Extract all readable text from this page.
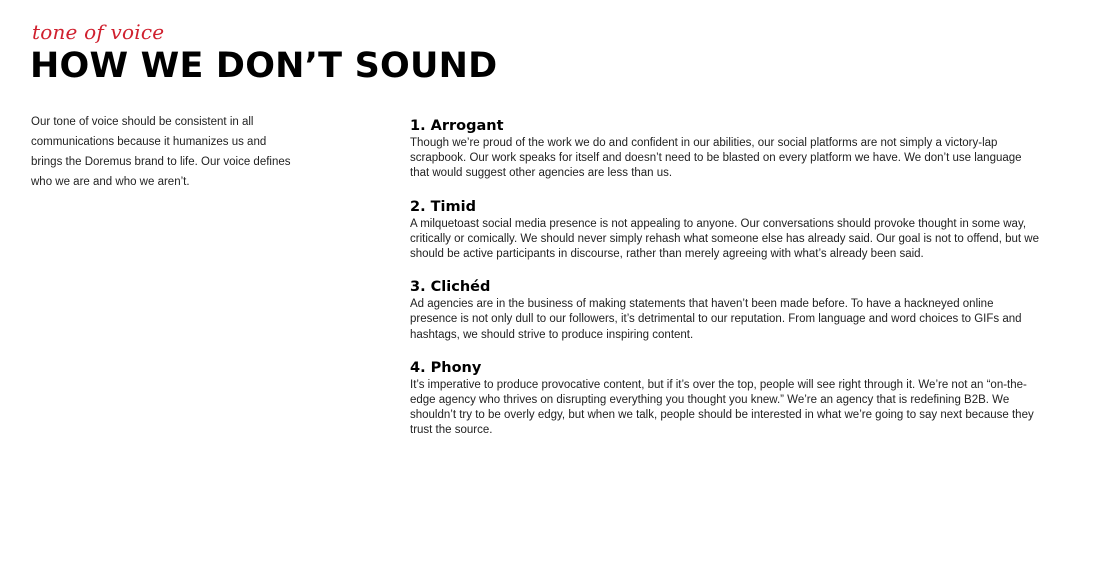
tone of voice
HOW WE DON’T SOUND

Our tone of voice should be consistent in all communications because it humanizes us and brings the Doremus brand to life. Our voice defines who we are and who we aren’t.

1. Arrogant

Though we’re proud of the work we do and confident in our abilities, our social platforms are not simply a victory-lap scrapbook. Our work speaks for itself and doesn’t need to be blasted on every platform we have. We don’t use language that would suggest other agencies are less than us.

2. Timid

A milquetoast social media presence is not appealing to anyone. Our conversations should provoke thought in some way, critically or comically. We should never simply rehash what someone else has already said. Our goal is not to offend, but we should be active participants in discourse, rather than merely agreeing with what’s already been said.

3. Clichéd

Ad agencies are in the business of making statements that haven’t been made before. To have a hackneyed online presence is not only dull to our followers, it’s detrimental to our reputation. From language and word choices to GIFs and hashtags, we should strive to produce inspiring content.

4. Phony

It’s imperative to produce provocative content, but if it’s over the top, people will see right through it. We’re not an “on-the-edge agency who thrives on disrupting everything you thought you knew.” We’re an agency that is redefining B2B. We shouldn’t try to be overly edgy, but when we talk, people should be interested in what we’re going to say next because they trust the source.
